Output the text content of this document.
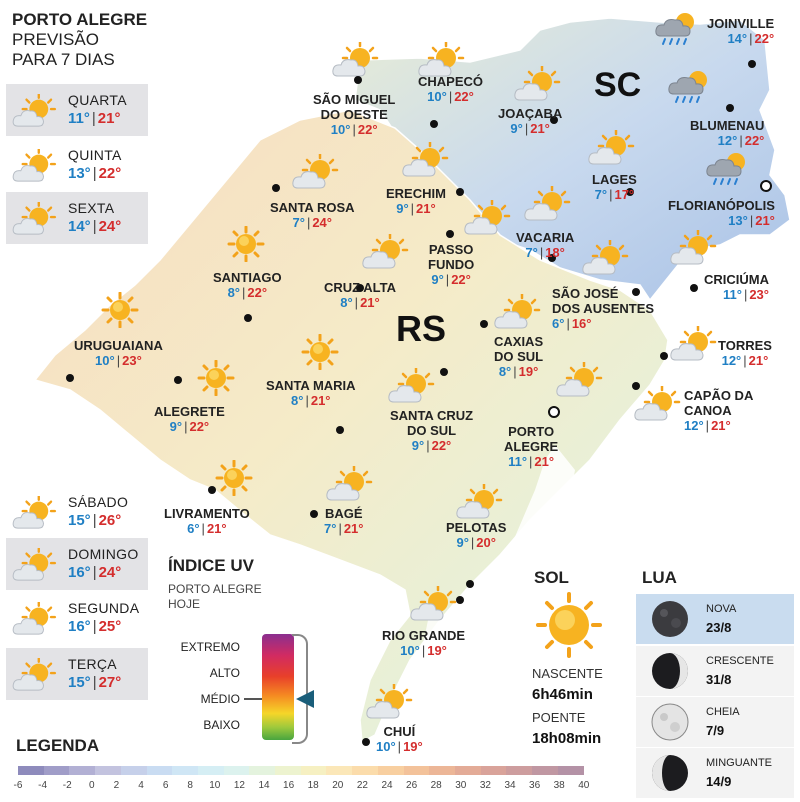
PORTO ALEGRE
PREVISÃO
PARA 7 DIAS
QUARTA
11° | 21°
QUINTA
13° | 22°
SEXTA
14° | 24°
SÁBADO
15° | 26°
DOMINGO
16° | 24°
SEGUNDA
16° | 25°
TERÇA
15° | 27°
RS
SC
SÃO MIGUEL
DO OESTE
10° | 22°
CHAPECÓ
10° | 22°
JOAÇABA
9° | 21°
JOINVILLE
14° | 22°
BLUMENAU
12° | 22°
LAGES
7° | 17°
FLORIANÓPOLIS
13° | 21°
SANTA ROSA
7° | 24°
ERECHIM
9° | 21°
VACARIA
7° | 18°
SANTIAGO
8° | 22°	CRUZ ALTA
8° | 21°
PASSO
FUNDO
9° | 22°
SÃO JOSÉ
DOS AUSENTES
6° | 16°
CRICIÚMA
11° | 23°
URUGUAIANA
10° | 23°
CAXIAS
DO SUL
8° | 19°
TORRES
12° | 21°
SANTA MARIA
8° | 21°
ALEGRETE
9° | 22°
SANTA CRUZ
DO SUL
9° | 22°
PORTO
ALEGRE
11° | 21°
CAPÃO DA
CANOA
12° | 21°
LIVRAMENTO
6° | 21°
BAGÉ
7° | 21°	PELOTAS
9° | 20°
RIO GRANDE
10° | 19°
CHUÍ
10° | 19°
ÍNDICE UV
PORTO ALEGRE
HOJE
EXTREMO
ALTO
MÉDIO
BAIXO
LEGENDA
-6	-4	-2	0	2	4	6	8	10	12	14	16	18	20	22	24	26	28	30	32	34	36	38	40
SOL
NASCENTE
6h46min
POENTE
18h08min
LUA
NOVA
23/8
CRESCENTE
31/8
CHEIA
7/9
MINGUANTE
14/9
